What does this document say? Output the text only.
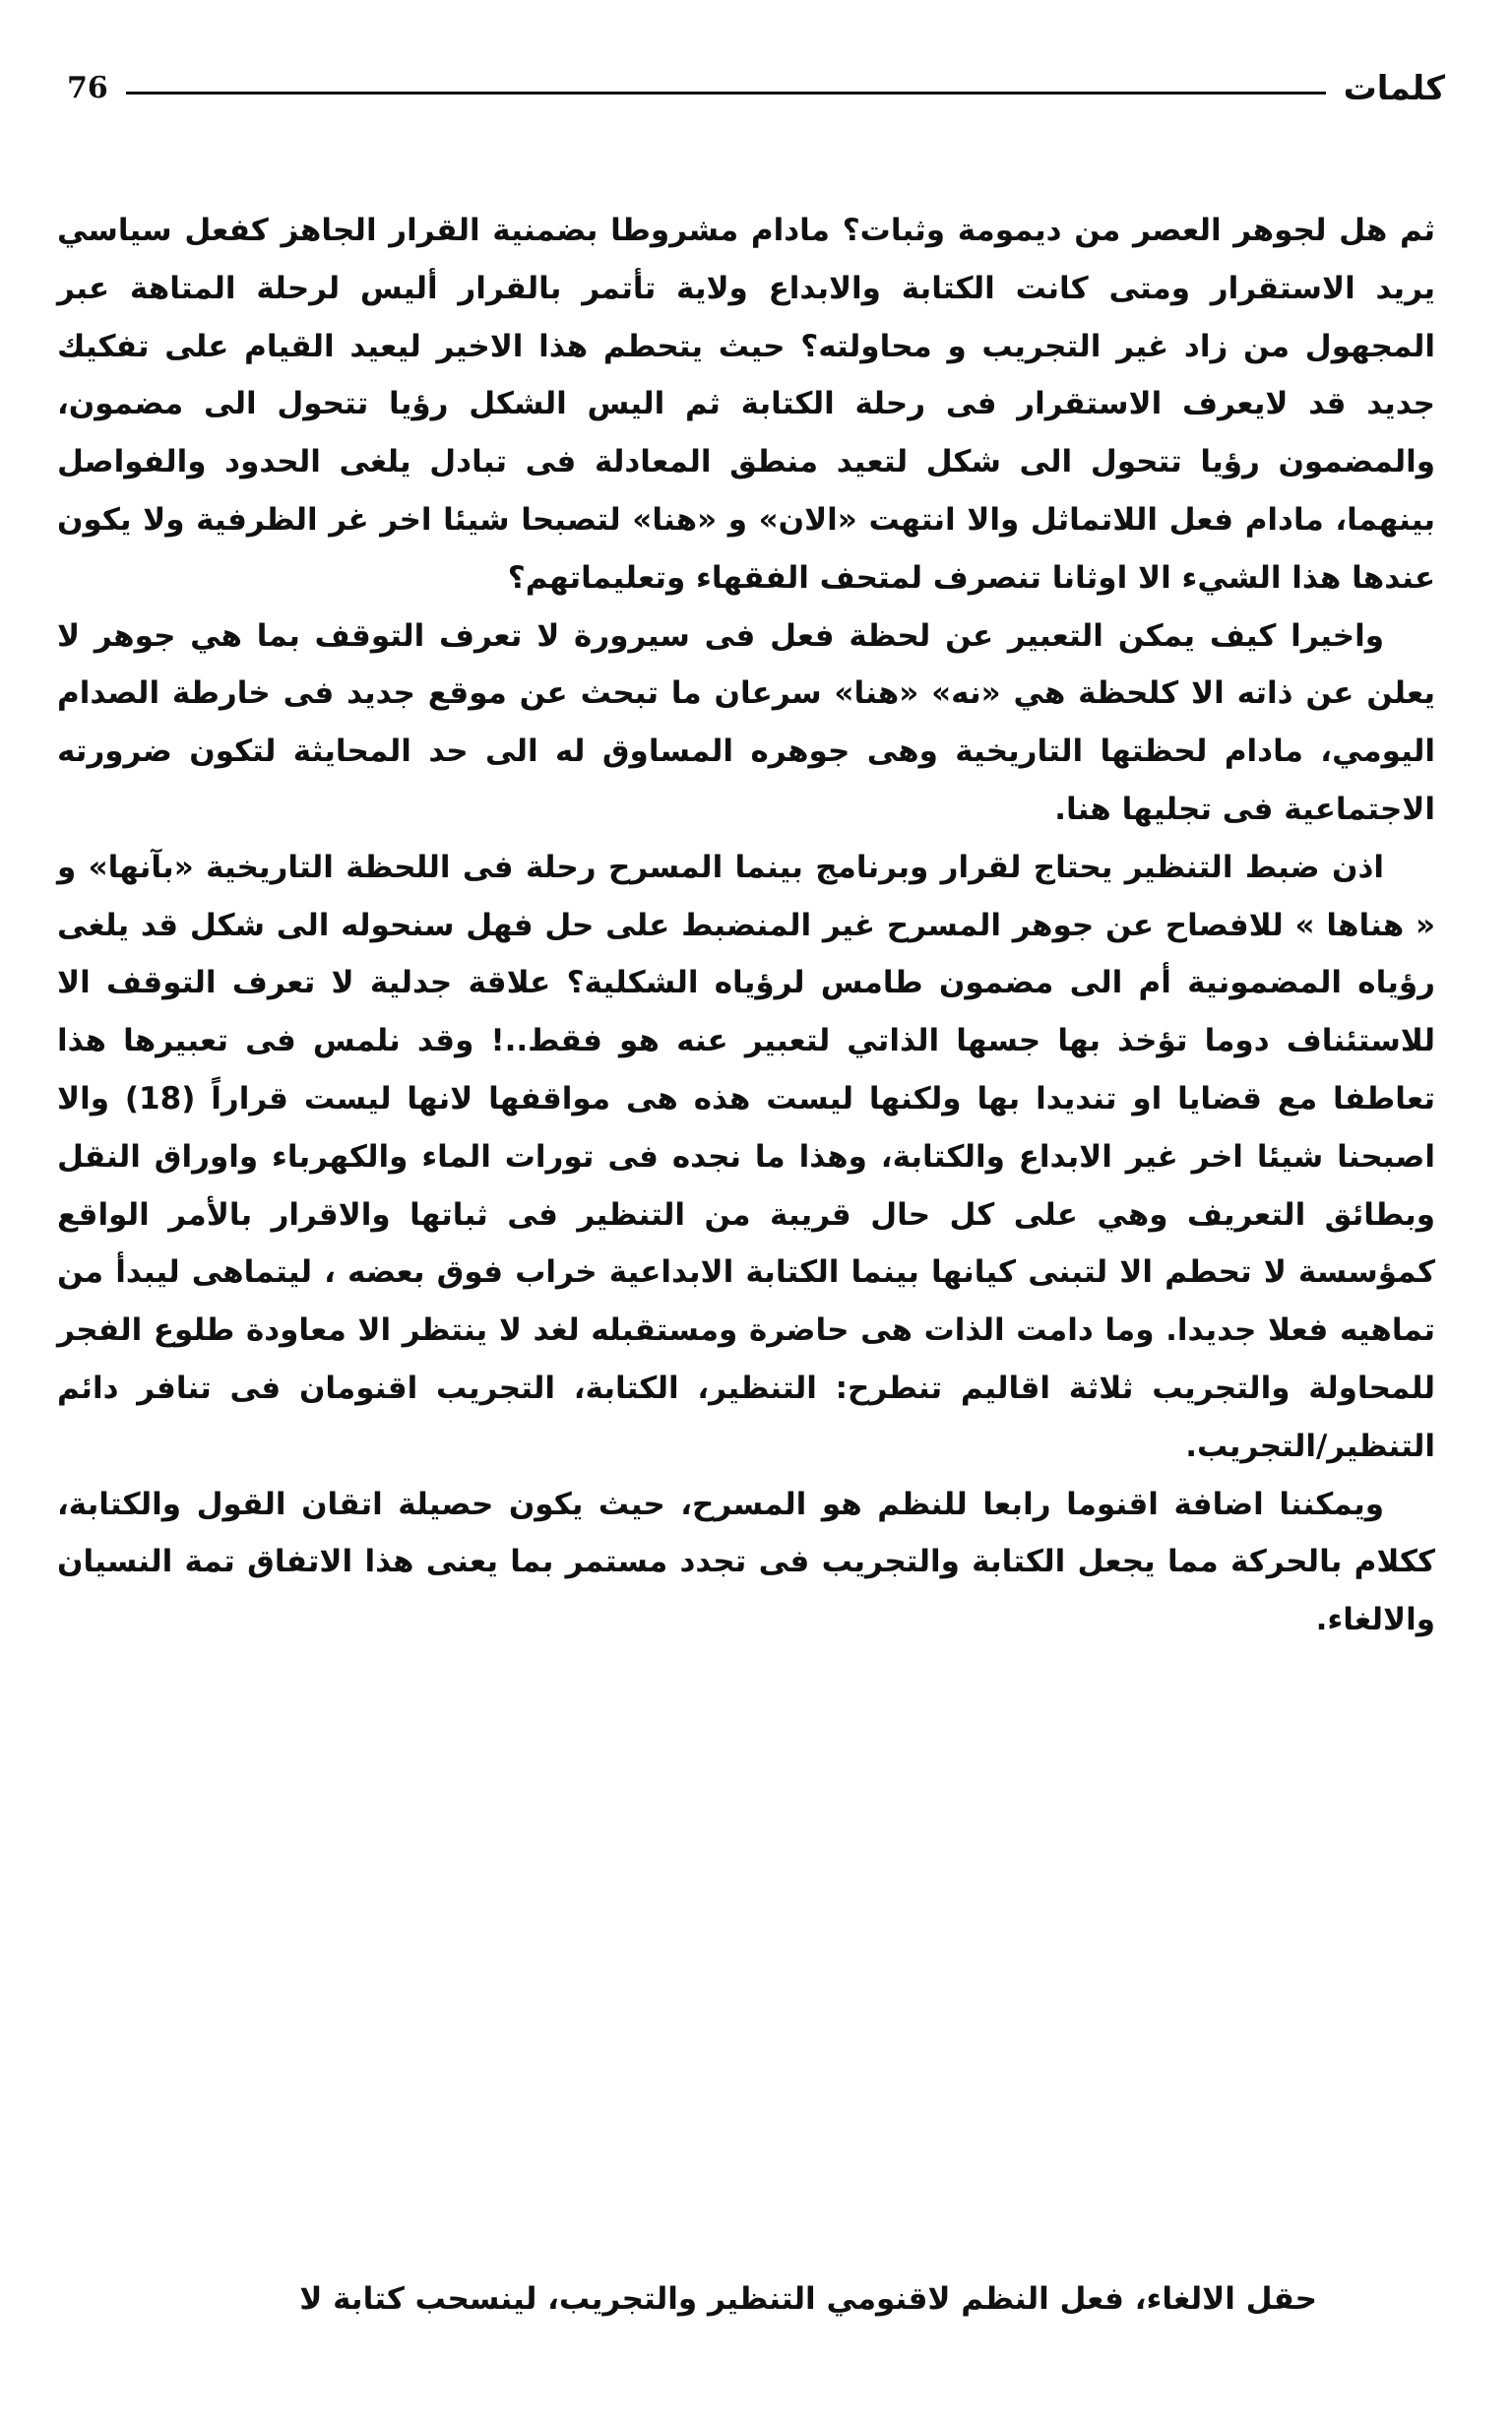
76	كلمات

ثم هل لجوهر العصر من ديمومة وثبات؟ مادام مشروطا بضمنية القرار الجاهز كفعل سياسي يريد الاستقرار ومتى كانت الكتابة والابداع ولاية تأتمر بالقرار أليس لرحلة المتاهة عبر المجهول من زاد غير التجريب و محاولته؟ حيث يتحطم هذا الاخير ليعيد القيام على تفكيك جديد قد لايعرف الاستقرار فى رحلة الكتابة ثم اليس الشكل رؤيا تتحول الى مضمون، والمضمون رؤيا تتحول الى شكل لتعيد منطق المعادلة فى تبادل يلغى الحدود والفواصل بينهما، مادام فعل اللاتماثل والا انتهت «الان» و «هنا» لتصبحا شيئا اخر غر الظرفية ولا يكون عندها هذا الشيء الا اوثانا تنصرف لمتحف الفقهاء وتعليماتهم؟

واخيرا كيف يمكن التعبير عن لحظة فعل فى سيرورة لا تعرف التوقف بما هي جوهر لا يعلن عن ذاته الا كلحظة هي «نه» «هنا» سرعان ما تبحث عن موقع جديد فى خارطة الصدام اليومي، مادام لحظتها التاريخية وهى جوهره المساوق له الى حد المحايثة لتكون ضرورته الاجتماعية فى تجليها هنا.

اذن ضبط التنظير يحتاج لقرار وبرنامج بينما المسرح رحلة فى اللحظة التاريخية «بآنها» و « هناها » للافصاح عن جوهر المسرح غير المنضبط على حل فهل سنحوله الى شكل قد يلغى رؤياه المضمونية أم الى مضمون طامس لرؤياه الشكلية؟ علاقة جدلية لا تعرف التوقف الا للاستئناف دوما تؤخذ بها جسها الذاتي لتعبير عنه هو فقط..! وقد نلمس فى تعبيرها هذا تعاطفا مع قضايا او تنديدا بها ولكنها ليست هذه هى مواقفها لانها ليست قراراً (18) والا اصبحنا شيئا اخر غير الابداع والكتابة، وهذا ما نجده فى تورات الماء والكهرباء واوراق النقل وبطائق التعريف وهي على كل حال قريبة من التنظير فى ثباتها والاقرار بالأمر الواقع كمؤسسة لا تحطم الا لتبنى كيانها بينما الكتابة الابداعية خراب فوق بعضه ، ليتماهى ليبدأ من تماهيه فعلا جديدا. وما دامت الذات هى حاضرة ومستقبله لغد لا ينتظر الا معاودة طلوع الفجر للمحاولة والتجريب ثلاثة اقاليم تنطرح: التنظير، الكتابة، التجريب اقنومان فى تنافر دائم التنظير/التجريب.

ويمكننا اضافة اقنوما رابعا للنظم هو المسرح، حيث يكون حصيلة اتقان القول والكتابة، ككلام بالحركة مما يجعل الكتابة والتجريب فى تجدد مستمر بما يعنى هذا الاتفاق تمة النسيان والالغاء.

حقل الالغاء، فعل النظم لاقنومي التنظير والتجريب، لينسحب كتابة لا
